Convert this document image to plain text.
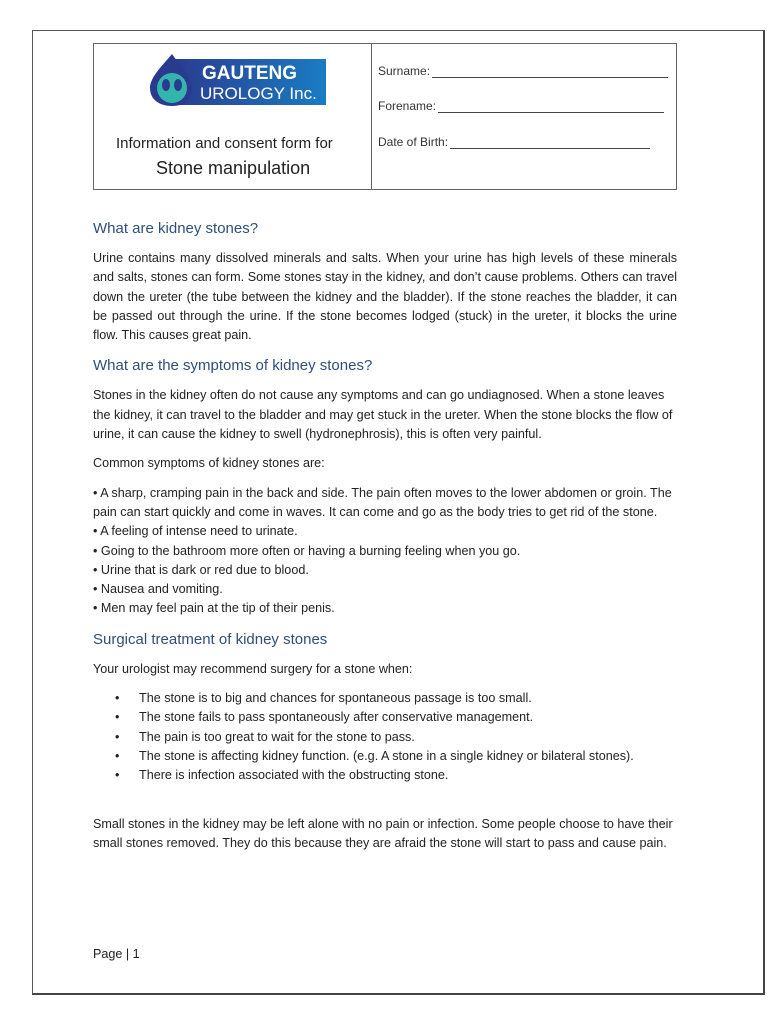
GAUTENG
UROLOGY Inc.
Information and consent form for
Stone manipulation
Surname:
Forename:
Date of Birth:
What are kidney stones?

Urine contains many dissolved minerals and salts. When your urine has high levels of these minerals and salts, stones can form. Some stones stay in the kidney, and don’t cause problems. Others can travel down the ureter (the tube between the kidney and the bladder). If the stone reaches the bladder, it can be passed out through the urine. If the stone becomes lodged (stuck) in the ureter, it blocks the urine flow. This causes great pain.

What are the symptoms of kidney stones?

Stones in the kidney often do not cause any symptoms and can go undiagnosed. When a stone leaves the kidney, it can travel to the bladder and may get stuck in the ureter. When the stone blocks the flow of urine, it can cause the kidney to swell (hydronephrosis), this is often very painful.

Common symptoms of kidney stones are:

• A sharp, cramping pain in the back and side. The pain often moves to the lower abdomen or groin. The pain can start quickly and come in waves. It can come and go as the body tries to get rid of the stone.
• A feeling of intense need to urinate.
• Going to the bathroom more often or having a burning feeling when you go.
• Urine that is dark or red due to blood.
• Nausea and vomiting.
• Men may feel pain at the tip of their penis.
Surgical treatment of kidney stones

Your urologist may recommend surgery for a stone when:

• The stone is to big and chances for spontaneous passage is too small.
• The stone fails to pass spontaneously after conservative management.
• The pain is too great to wait for the stone to pass.
• The stone is affecting kidney function. (e.g. A stone in a single kidney or bilateral stones).
• There is infection associated with the obstructing stone.

Small stones in the kidney may be left alone with no pain or infection. Some people choose to have their small stones removed. They do this because they are afraid the stone will start to pass and cause pain.

Page | 1
